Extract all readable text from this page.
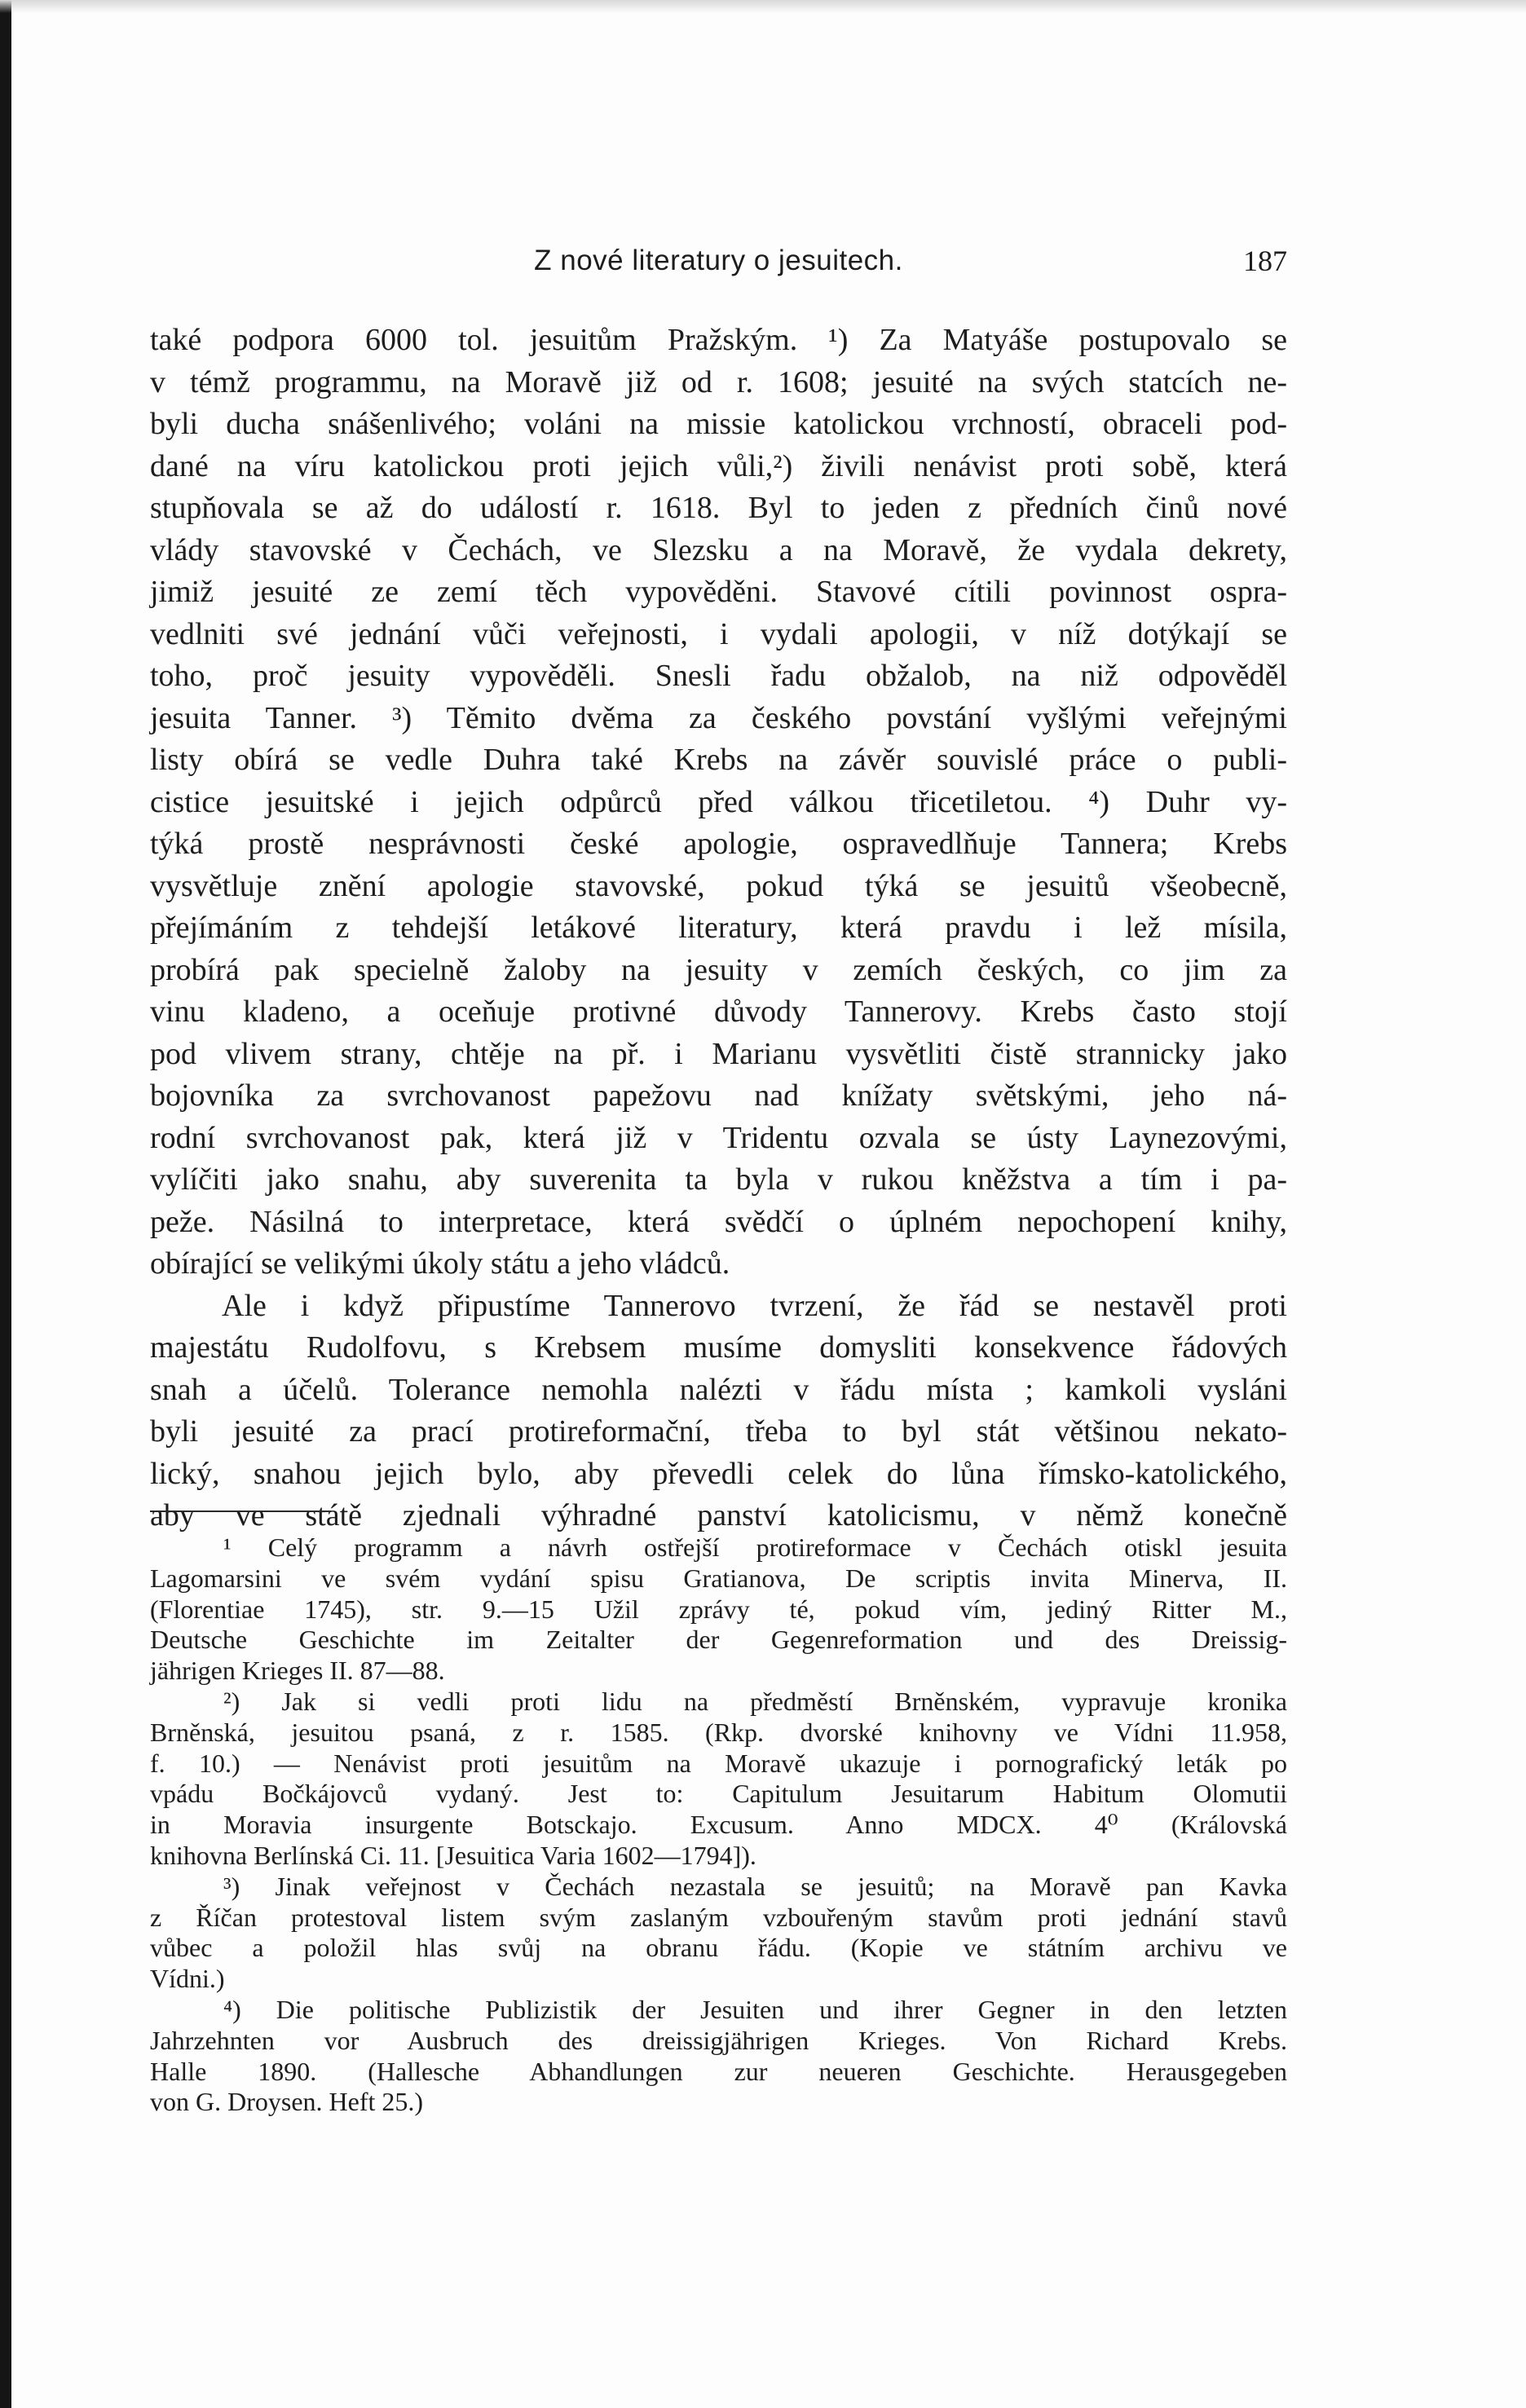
Z nové literatury o jesuitech.	187
také podpora 6000 tol. jesuitům Pražským. ¹) Za Matyáše postupovalo se
v témž programmu, na Moravě již od r. 1608; jesuité na svých statcích ne-
byli ducha snášenlivého; voláni na missie katolickou vrchností, obraceli pod-
dané na víru katolickou proti jejich vůli,²) živili nenávist proti sobě, která
stupňovala se až do událostí r. 1618. Byl to jeden z předních činů nové
vlády stavovské v Čechách, ve Slezsku a na Moravě, že vydala dekrety,
jimiž jesuité ze zemí těch vypověděni. Stavové cítili povinnost ospra-
vedlniti své jednání vůči veřejnosti, i vydali apologii, v níž dotýkají se
toho, proč jesuity vypověděli. Snesli řadu obžalob, na niž odpověděl
jesuita Tanner. ³) Těmito dvěma za českého povstání vyšlými veřejnými
listy obírá se vedle Duhra také Krebs na závěr souvislé práce o publi-
cistice jesuitské i jejich odpůrců před válkou třicetiletou. ⁴) Duhr vy-
týká prostě nesprávnosti české apologie, ospravedlňuje Tannera; Krebs
vysvětluje znění apologie stavovské, pokud týká se jesuitů všeobecně,
přejímáním z tehdejší letákové literatury, která pravdu i lež mísila,
probírá pak specielně žaloby na jesuity v zemích českých, co jim za
vinu kladeno, a oceňuje protivné důvody Tannerovy. Krebs často stojí
pod vlivem strany, chtěje na př. i Marianu vysvětliti čistě strannicky jako
bojovníka za svrchovanost papežovu nad knížaty světskými, jeho ná-
rodní svrchovanost pak, která již v Tridentu ozvala se ústy Laynezovými,
vylíčiti jako snahu, aby suverenita ta byla v rukou kněžstva a tím i pa-
peže. Násilná to interpretace, která svědčí o úplném nepochopení knihy,
obírající se velikými úkoly státu a jeho vládců.
Ale i když připustíme Tannerovo tvrzení, že řád se nestavěl proti
majestátu Rudolfovu, s Krebsem musíme domysliti konsekvence řádových
snah a účelů. Tolerance nemohla nalézti v řádu místa ; kamkoli vysláni
byli jesuité za prací protireformační, třeba to byl stát většinou nekato-
lický, snahou jejich bylo, aby převedli celek do lůna římsko-katolického,
aby ve státě zjednali výhradné panství katolicismu, v němž konečně
¹ Celý programm a návrh ostřejší protireformace v Čechách otiskl jesuita
Lagomarsini ve svém vydání spisu Gratianova, De scriptis invita Minerva, II.
(Florentiae 1745), str. 9.—15 Užil zprávy té, pokud vím, jediný Ritter M.,
Deutsche Geschichte im Zeitalter der Gegenreformation und des Dreissig-
jährigen Krieges II. 87—88.
²) Jak si vedli proti lidu na předměstí Brněnském, vypravuje kronika
Brněnská, jesuitou psaná, z r. 1585. (Rkp. dvorské knihovny ve Vídni 11.958,
f. 10.) — Nenávist proti jesuitům na Moravě ukazuje i pornografický leták po
vpádu Bočkájovců vydaný. Jest to: Capitulum Jesuitarum Habitum Olomutii
in Moravia insurgente Botsckajo. Excusum. Anno MDCX. 4⁰ (Královská
knihovna Berlínská Ci. 11. [Jesuitica Varia 1602—1794]).
³) Jinak veřejnost v Čechách nezastala se jesuitů; na Moravě pan Kavka
z Říčan protestoval listem svým zaslaným vzbouřeným stavům proti jednání stavů
vůbec a položil hlas svůj na obranu řádu. (Kopie ve státním archivu ve
Vídni.)
⁴) Die politische Publizistik der Jesuiten und ihrer Gegner in den letzten
Jahrzehnten vor Ausbruch des dreissigjährigen Krieges. Von Richard Krebs.
Halle 1890. (Hallesche Abhandlungen zur neueren Geschichte. Herausgegeben
von G. Droysen. Heft 25.)
